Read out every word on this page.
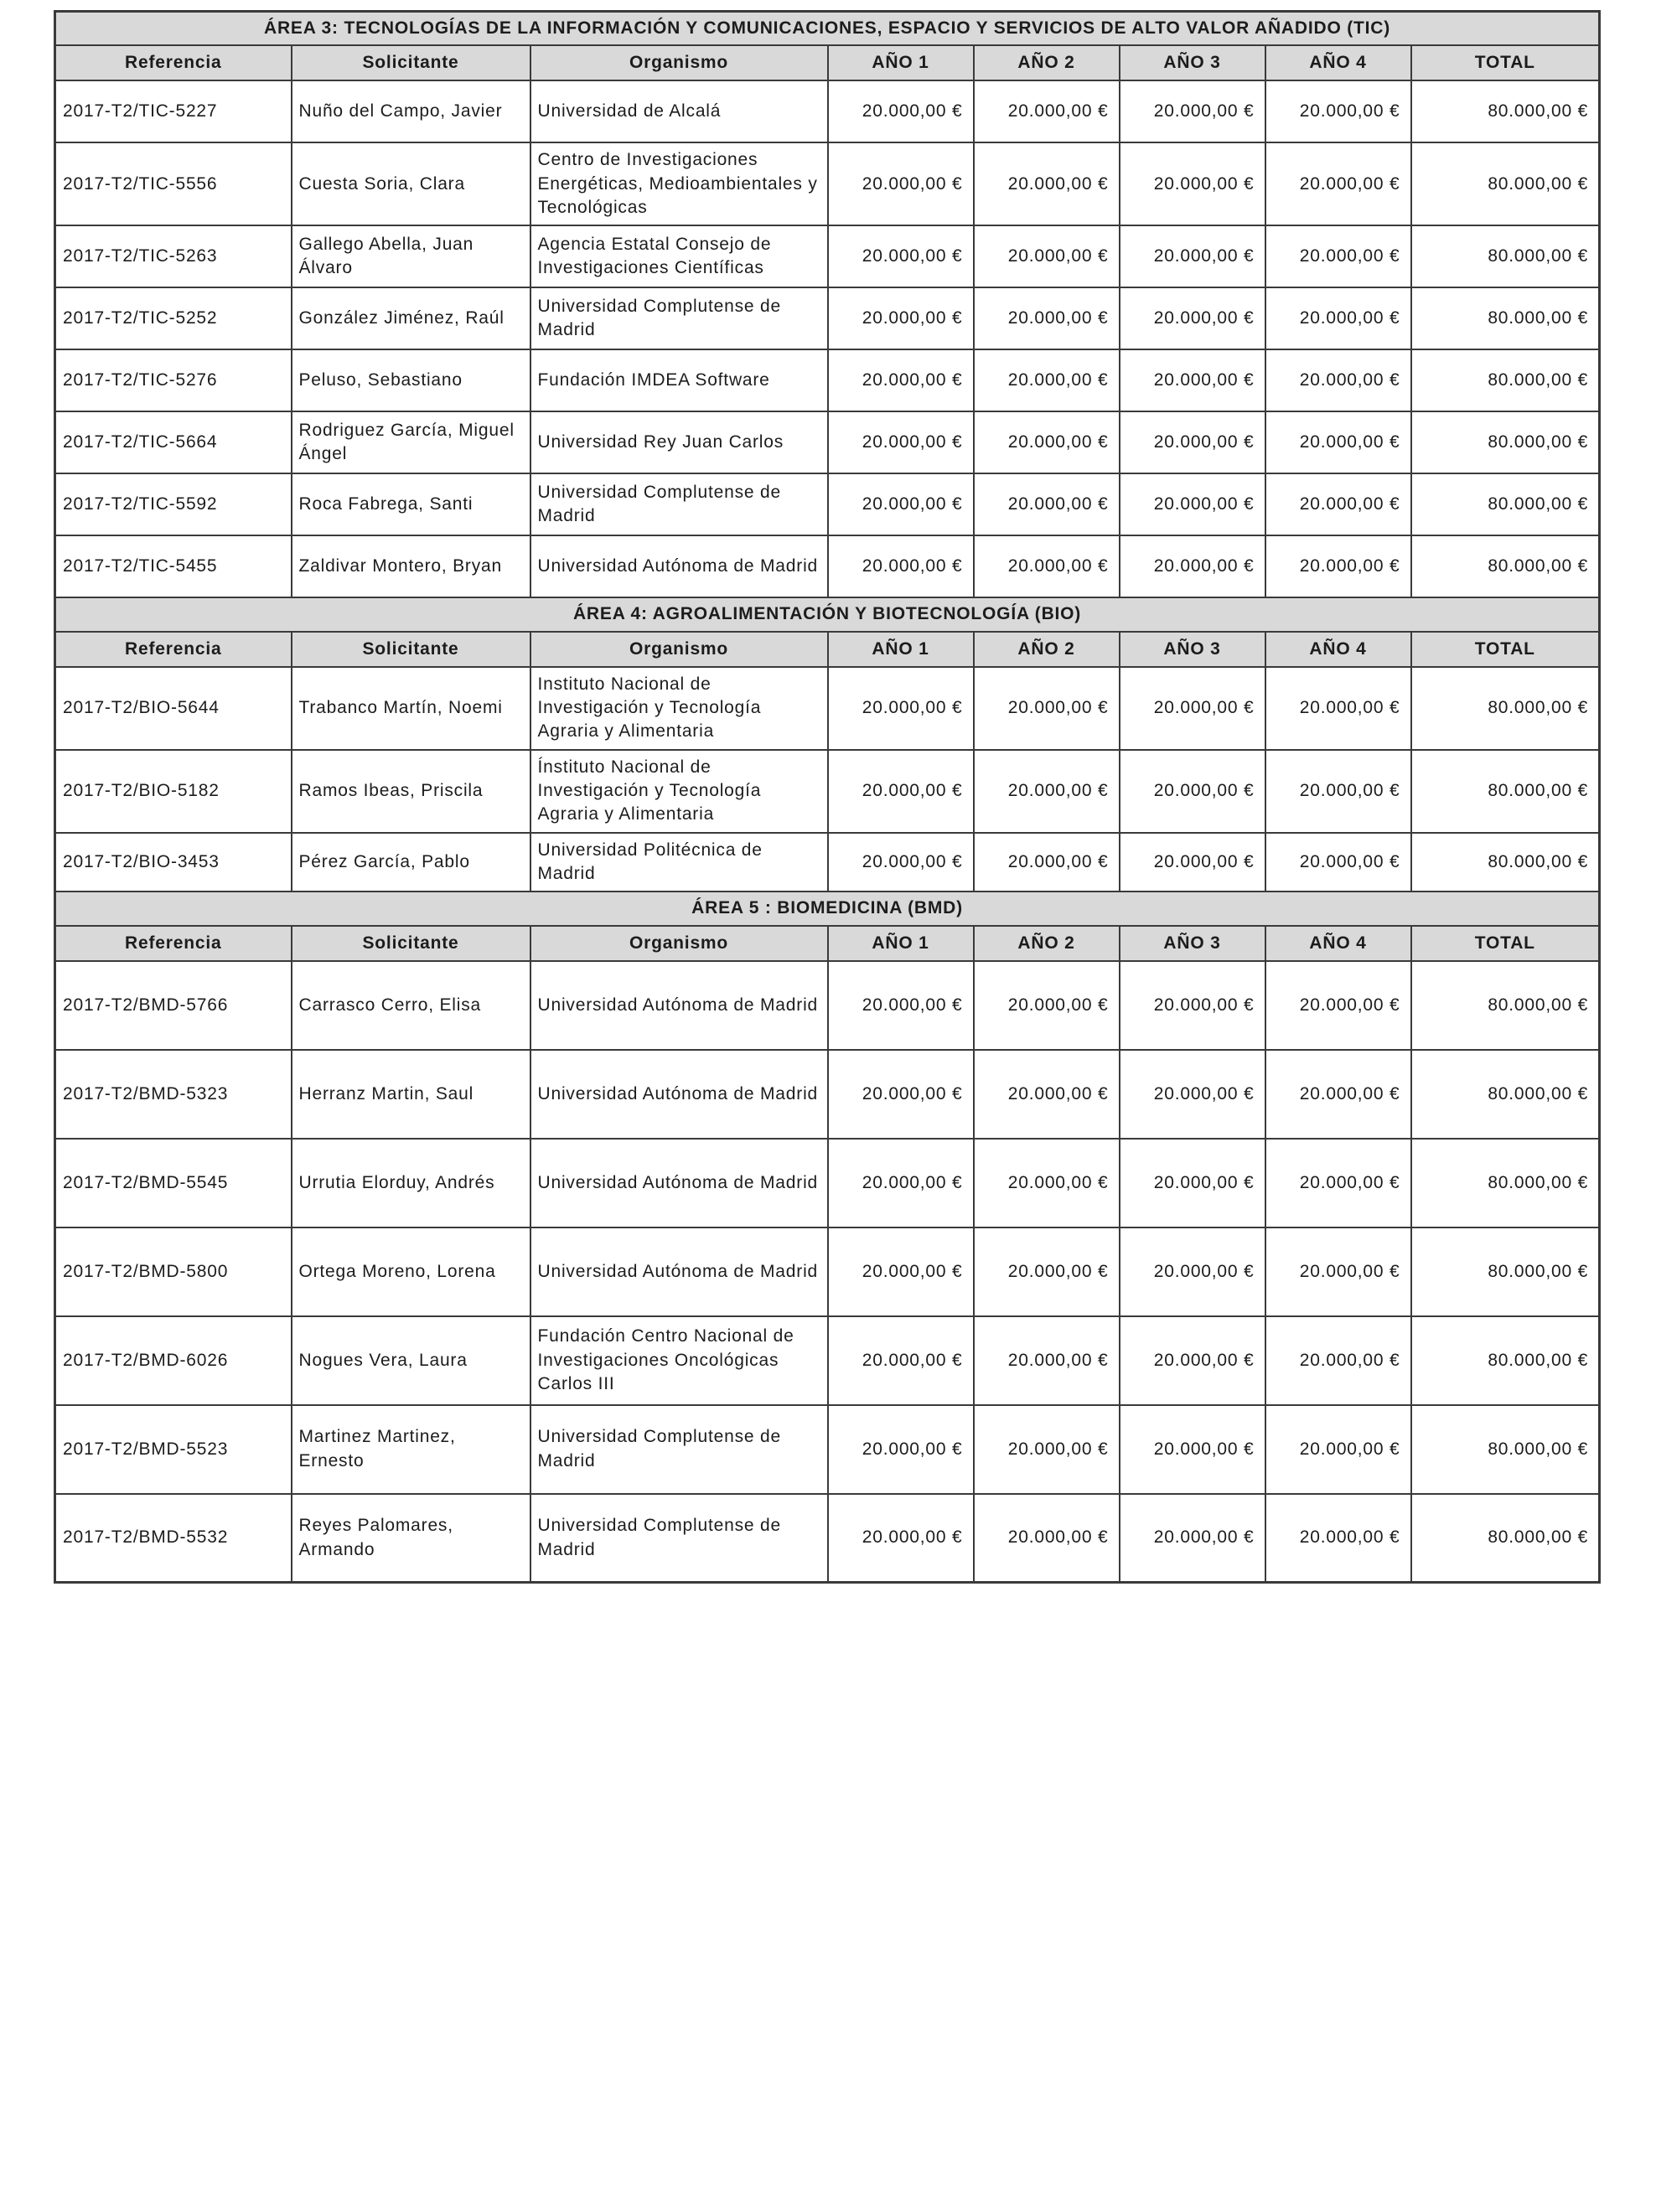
ÁREA 3: TECNOLOGÍAS DE LA INFORMACIÓN Y COMUNICACIONES, ESPACIO Y SERVICIOS DE ALTO VALOR AÑADIDO (TIC)							
Referencia	Solicitante	Organismo	AÑO 1	AÑO 2	AÑO 3	AÑO 4	TOTAL
2017-T2/TIC-5227	Nuño del Campo, Javier	Universidad de Alcalá	20.000,00 €	20.000,00 €	20.000,00 €	20.000,00 €	80.000,00 €
2017-T2/TIC-5556	Cuesta Soria, Clara	Centro de Investigaciones Energéticas, Medioambientales y Tecnológicas	20.000,00 €	20.000,00 €	20.000,00 €	20.000,00 €	80.000,00 €
2017-T2/TIC-5263	Gallego Abella, Juan Álvaro	Agencia Estatal Consejo de Investigaciones Científicas	20.000,00 €	20.000,00 €	20.000,00 €	20.000,00 €	80.000,00 €
2017-T2/TIC-5252	González Jiménez, Raúl	Universidad Complutense de Madrid	20.000,00 €	20.000,00 €	20.000,00 €	20.000,00 €	80.000,00 €
2017-T2/TIC-5276	Peluso, Sebastiano	Fundación IMDEA Software	20.000,00 €	20.000,00 €	20.000,00 €	20.000,00 €	80.000,00 €
2017-T2/TIC-5664	Rodriguez García, Miguel Ángel	Universidad Rey Juan Carlos	20.000,00 €	20.000,00 €	20.000,00 €	20.000,00 €	80.000,00 €
2017-T2/TIC-5592	Roca Fabrega, Santi	Universidad Complutense de Madrid	20.000,00 €	20.000,00 €	20.000,00 €	20.000,00 €	80.000,00 €
2017-T2/TIC-5455	Zaldivar Montero, Bryan	Universidad Autónoma de Madrid	20.000,00 €	20.000,00 €	20.000,00 €	20.000,00 €	80.000,00 €
ÁREA 4: AGROALIMENTACIÓN Y BIOTECNOLOGÍA (BIO)							
Referencia	Solicitante	Organismo	AÑO 1	AÑO 2	AÑO 3	AÑO 4	TOTAL
2017-T2/BIO-5644	Trabanco Martín, Noemi	Instituto Nacional de Investigación y Tecnología Agraria y Alimentaria	20.000,00 €	20.000,00 €	20.000,00 €	20.000,00 €	80.000,00 €
2017-T2/BIO-5182	Ramos Ibeas, Priscila	Ínstituto Nacional de Investigación y Tecnología Agraria y Alimentaria	20.000,00 €	20.000,00 €	20.000,00 €	20.000,00 €	80.000,00 €
2017-T2/BIO-3453	Pérez García, Pablo	Universidad Politécnica de Madrid	20.000,00 €	20.000,00 €	20.000,00 €	20.000,00 €	80.000,00 €
ÁREA 5 : BIOMEDICINA (BMD)							
Referencia	Solicitante	Organismo	AÑO 1	AÑO 2	AÑO 3	AÑO 4	TOTAL
2017-T2/BMD-5766	Carrasco Cerro, Elisa	Universidad Autónoma de Madrid	20.000,00 €	20.000,00 €	20.000,00 €	20.000,00 €	80.000,00 €
2017-T2/BMD-5323	Herranz Martin, Saul	Universidad Autónoma de Madrid	20.000,00 €	20.000,00 €	20.000,00 €	20.000,00 €	80.000,00 €
2017-T2/BMD-5545	Urrutia Elorduy, Andrés	Universidad Autónoma de Madrid	20.000,00 €	20.000,00 €	20.000,00 €	20.000,00 €	80.000,00 €
2017-T2/BMD-5800	Ortega Moreno, Lorena	Universidad Autónoma de Madrid	20.000,00 €	20.000,00 €	20.000,00 €	20.000,00 €	80.000,00 €
2017-T2/BMD-6026	Nogues Vera, Laura	Fundación Centro Nacional de Investigaciones Oncológicas Carlos III	20.000,00 €	20.000,00 €	20.000,00 €	20.000,00 €	80.000,00 €
2017-T2/BMD-5523	Martinez Martinez, Ernesto	Universidad Complutense de Madrid	20.000,00 €	20.000,00 €	20.000,00 €	20.000,00 €	80.000,00 €
2017-T2/BMD-5532	Reyes Palomares, Armando	Universidad Complutense de Madrid	20.000,00 €	20.000,00 €	20.000,00 €	20.000,00 €	80.000,00 €
